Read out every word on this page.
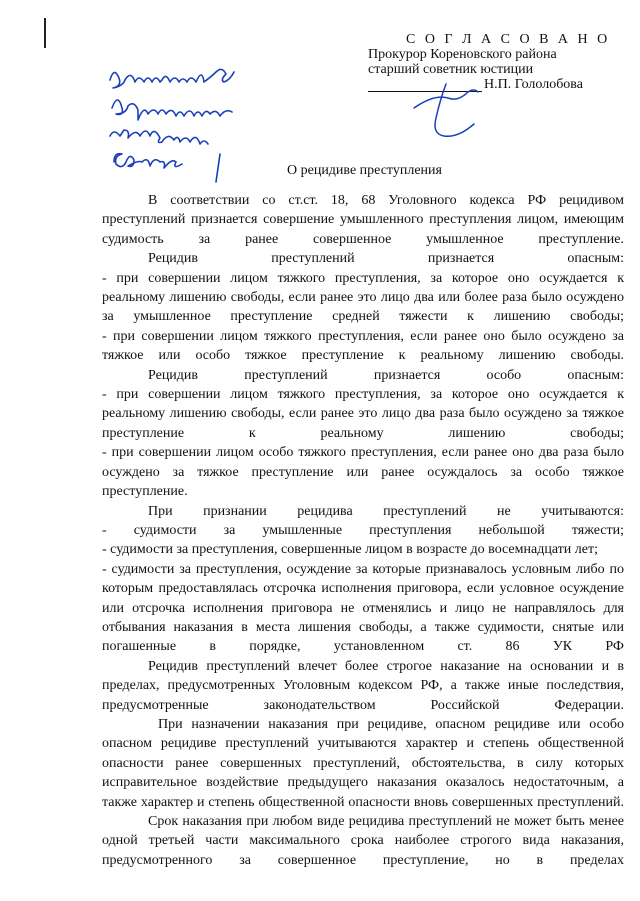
С О Г Л А С О В А Н О
Прокурор Кореновского района
старший советник юстиции
Н.П. Гололобова
О рецидиве преступления

В соответствии со ст.ст. 18, 68 Уголовного кодекса РФ рецидивом преступлений признается совершение умышленного преступления лицом, имеющим судимость за ранее совершенное умышленное преступление.

Рецидив преступлений признается опасным:

- при совершении лицом тяжкого преступления, за которое оно осуждается к реальному лишению свободы, если ранее это лицо два или более раза было осуждено за умышленное преступление средней тяжести к лишению свободы;

- при совершении лицом тяжкого преступления, если ранее оно было осуждено за тяжкое или особо тяжкое преступление к реальному лишению свободы.

Рецидив преступлений признается особо опасным:

- при совершении лицом тяжкого преступления, за которое оно осуждается к реальному лишению свободы, если ранее это лицо два раза было осуждено за тяжкое преступление к реальному лишению свободы;

- при совершении лицом особо тяжкого преступления, если ранее оно два раза было осуждено за тяжкое преступление или ранее осуждалось за особо тяжкое преступление.

При признании рецидива преступлений не учитываются:

- судимости за умышленные преступления небольшой тяжести;

- судимости за преступления, совершенные лицом в возрасте до восемнадцати лет;

- судимости за преступления, осуждение за которые признавалось условным либо по которым предоставлялась отсрочка исполнения приговора, если условное осуждение или отсрочка исполнения приговора не отменялись и лицо не направлялось для отбывания наказания в места лишения свободы, а также судимости, снятые или погашенные в порядке, установленном ст. 86 УК РФ

Рецидив преступлений влечет более строгое наказание на основании и в пределах, предусмотренных Уголовным кодексом РФ, а также иные последствия, предусмотренные законодательством Российской Федерации.

При назначении наказания при рецидиве, опасном рецидиве или особо опасном рецидиве преступлений учитываются характер и степень общественной опасности ранее совершенных преступлений, обстоятельства, в силу которых исправительное воздействие предыдущего наказания оказалось недостаточным, а также характер и степень общественной опасности вновь совершенных преступлений.

Срок наказания при любом виде рецидива преступлений не может быть менее одной третьей части максимального срока наиболее строгого вида наказания, предусмотренного за совершенное преступление, но в пределах
